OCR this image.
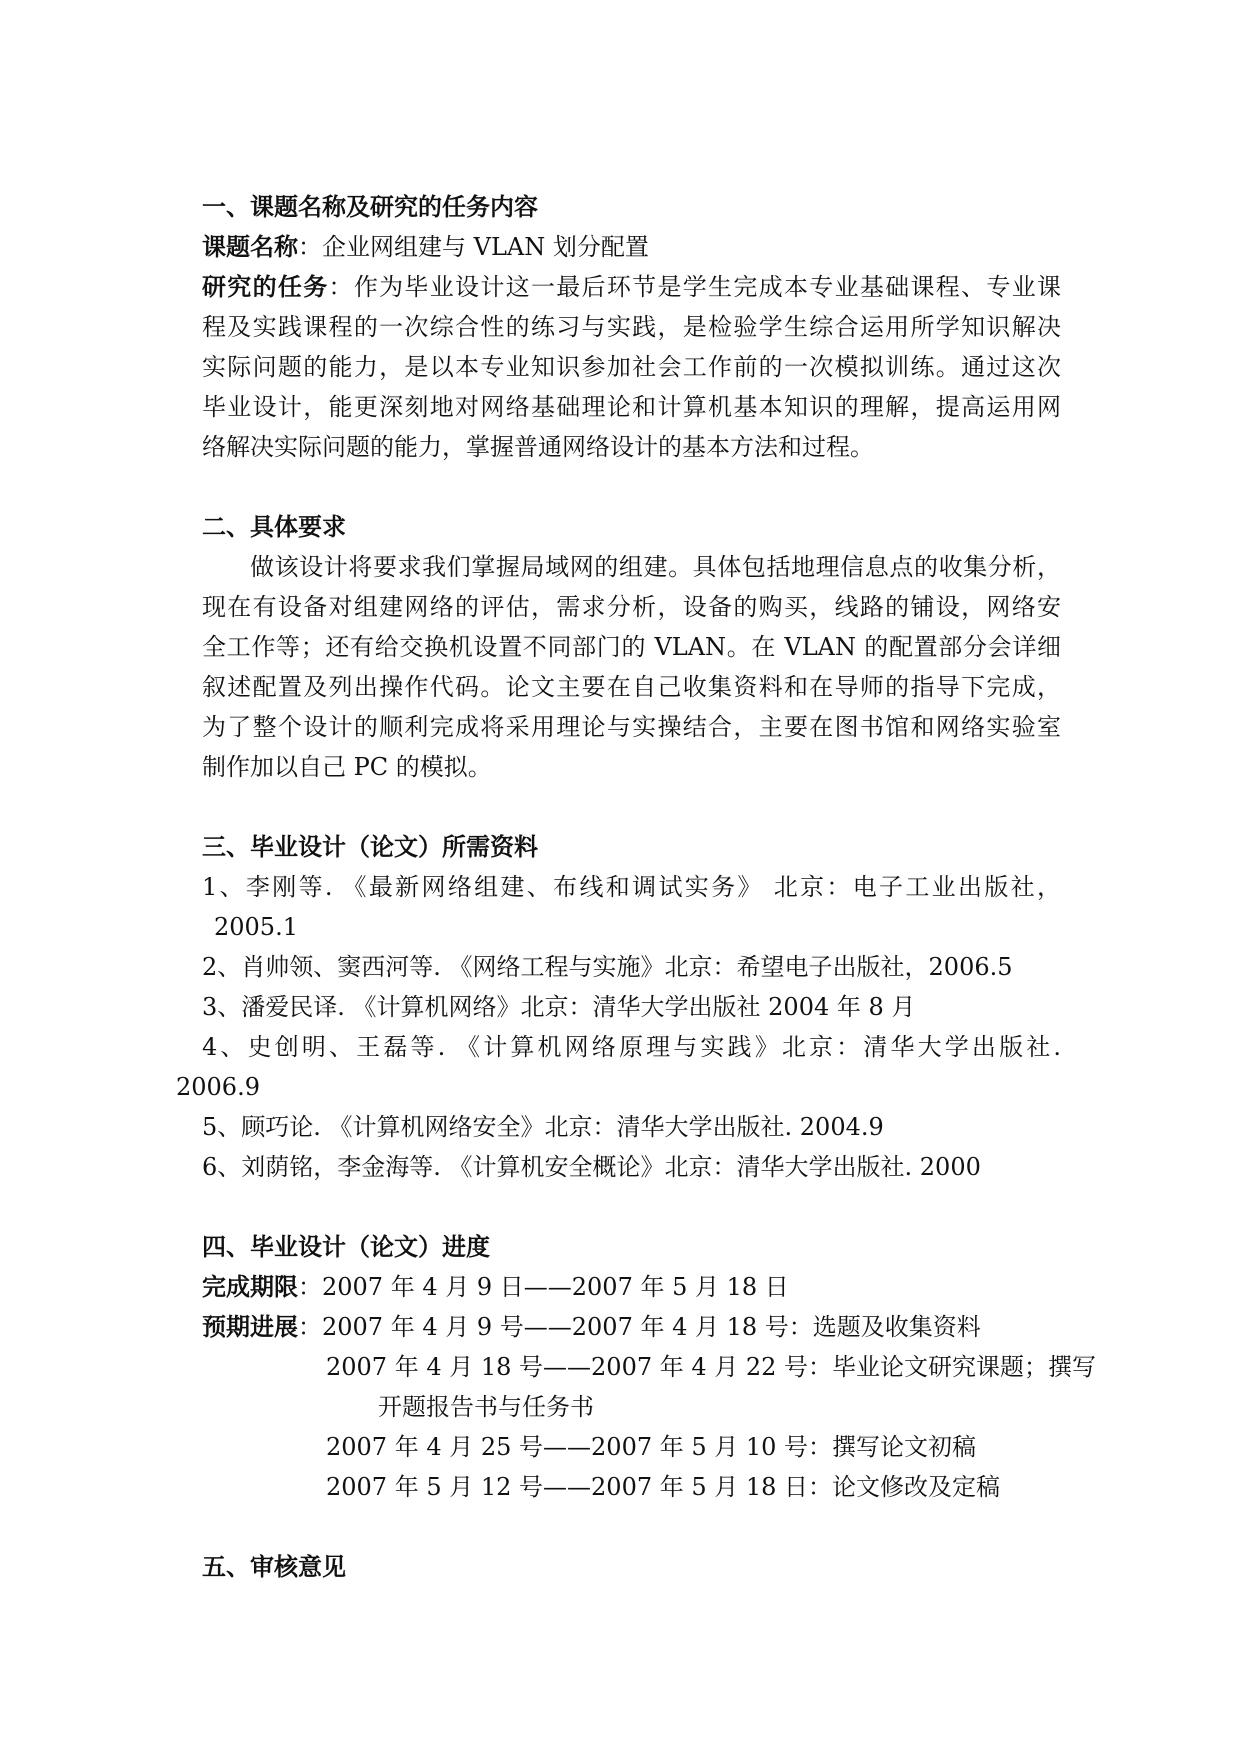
一、课题名称及研究的任务内容
课题名称：企业网组建与 VLAN 划分配置
研究的任务：作为毕业设计这一最后环节是学生完成本专业基础课程、专业课
程及实践课程的一次综合性的练习与实践，是检验学生综合运用所学知识解决
实际问题的能力，是以本专业知识参加社会工作前的一次模拟训练。通过这次
毕业设计，能更深刻地对网络基础理论和计算机基本知识的理解，提高运用网
络解决实际问题的能力，掌握普通网络设计的基本方法和过程。
二、具体要求
做该设计将要求我们掌握局域网的组建。具体包括地理信息点的收集分析，
现在有设备对组建网络的评估，需求分析，设备的购买，线路的铺设，网络安
全工作等；还有给交换机设置不同部门的 VLAN。在 VLAN 的配置部分会详细
叙述配置及列出操作代码。论文主要在自己收集资料和在导师的指导下完成，
为了整个设计的顺利完成将采用理论与实操结合，主要在图书馆和网络实验室
制作加以自己 PC 的模拟。
三、毕业设计（论文）所需资料
1、李刚等. 《最新网络组建、布线和调试实务》 北京：电子工业出版社，
2005.1
2、肖帅领、窦西河等. 《网络工程与实施》北京：希望电子出版社，2006.5
3、潘爱民译. 《计算机网络》北京：清华大学出版社 2004 年 8 月
4、史创明、王磊等. 《计算机网络原理与实践》北京：清华大学出版社.
2006.9
5、顾巧论. 《计算机网络安全》北京：清华大学出版社. 2004.9
6、刘荫铭，李金海等. 《计算机安全概论》北京：清华大学出版社. 2000
四、毕业设计（论文）进度
完成期限：2007 年 4 月 9 日——2007 年 5 月 18 日
预期进展：2007 年 4 月 9 号——2007 年 4 月 18 号：选题及收集资料
2007 年 4 月 18 号——2007 年 4 月 22 号：毕业论文研究课题；撰写
开题报告书与任务书
2007 年 4 月 25 号——2007 年 5 月 10 号：撰写论文初稿
2007 年 5 月 12 号——2007 年 5 月 18 日：论文修改及定稿
五、审核意见
